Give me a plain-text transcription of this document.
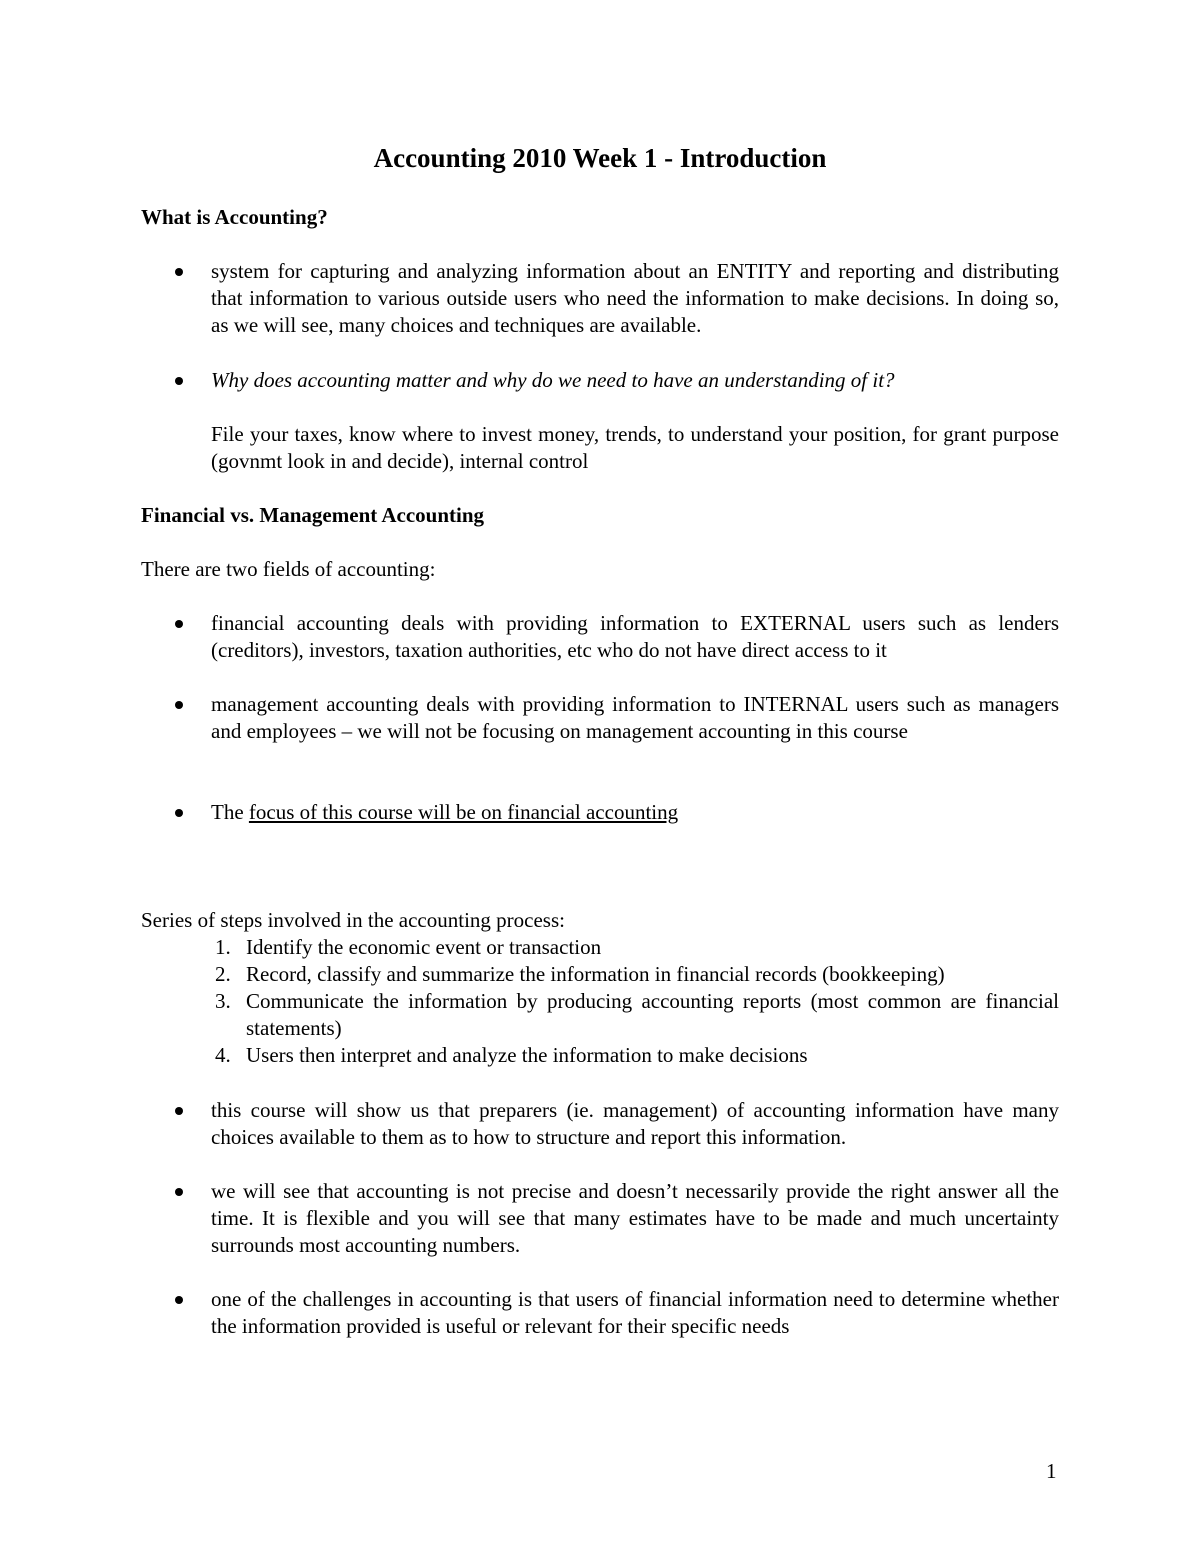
Accounting 2010 Week 1 - Introduction

What is Accounting?

system for capturing and analyzing information about an ENTITY and reporting and distributing that information to various outside users who need the information to make decisions. In doing so, as we will see, many choices and techniques are available.

Why does accounting matter and why do we need to have an understanding of it?

File your taxes, know where to invest money, trends, to understand your position, for grant purpose (govnmt look in and decide), internal control

Financial vs. Management Accounting

There are two fields of accounting:

financial accounting deals with providing information to EXTERNAL users such as lenders (creditors), investors, taxation authorities, etc who do not have direct access to it

management accounting deals with providing information to INTERNAL users such as managers and employees – we will not be focusing on management accounting in this course

The focus of this course will be on financial accounting

Series of steps involved in the accounting process:

1. Identify the economic event or transaction
2. Record, classify and summarize the information in financial records (bookkeeping)
3. Communicate the information by producing accounting reports (most common are financial statements)
4. Users then interpret and analyze the information to make decisions

this course will show us that preparers (ie. management) of accounting information have many choices available to them as to how to structure and report this information.

we will see that accounting is not precise and doesn’t necessarily provide the right answer all the time. It is flexible and you will see that many estimates have to be made and much uncertainty surrounds most accounting numbers.

one of the challenges in accounting is that users of financial information need to determine whether the information provided is useful or relevant for their specific needs

1
